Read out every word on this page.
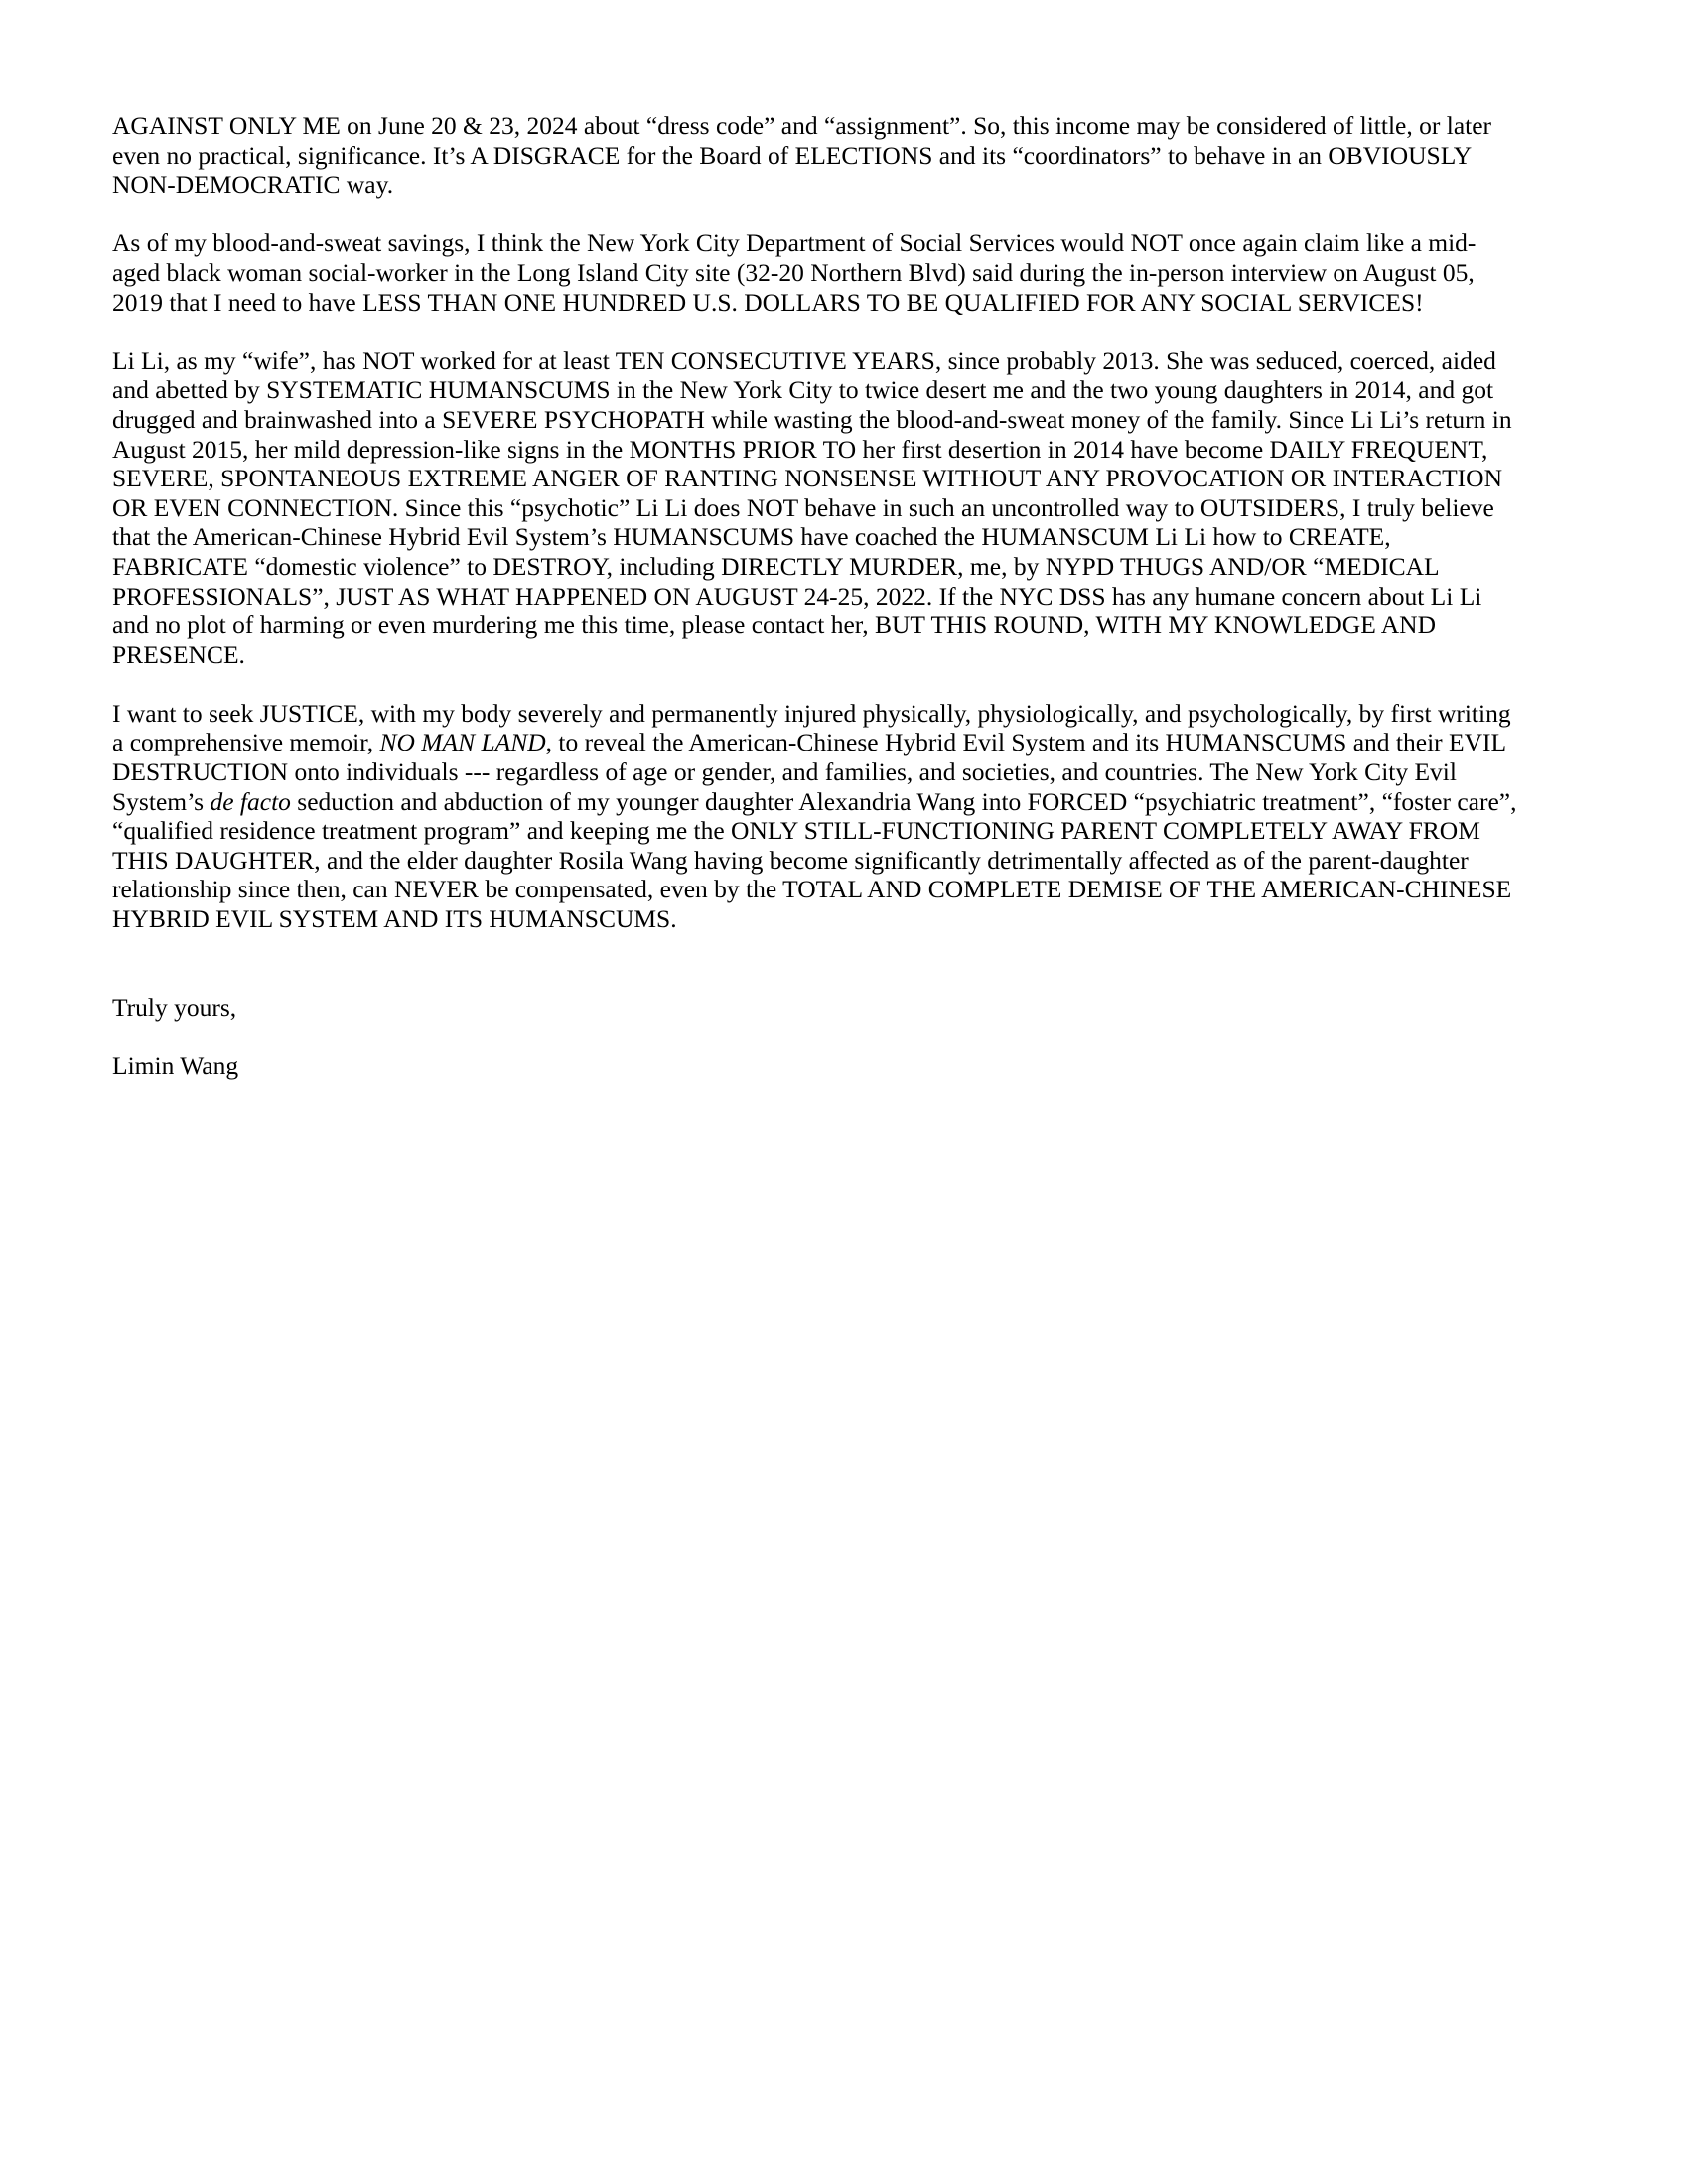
AGAINST ONLY ME on June 20 & 23, 2024 about “dress code” and “assignment”. So, this income may be considered of little, or later even no practical, significance. It’s A DISGRACE for the Board of ELECTIONS and its “coordinators” to behave in an OBVIOUSLY NON-DEMOCRATIC way.

As of my blood-and-sweat savings, I think the New York City Department of Social Services would NOT once again claim like a mid-aged black woman social-worker in the Long Island City site (32-20 Northern Blvd) said during the in-person interview on August 05, 2019 that I need to have LESS THAN ONE HUNDRED U.S. DOLLARS TO BE QUALIFIED FOR ANY SOCIAL SERVICES!

Li Li, as my “wife”, has NOT worked for at least TEN CONSECUTIVE YEARS, since probably 2013. She was seduced, coerced, aided and abetted by SYSTEMATIC HUMANSCUMS in the New York City to twice desert me and the two young daughters in 2014, and got drugged and brainwashed into a SEVERE PSYCHOPATH while wasting the blood-and-sweat money of the family. Since Li Li’s return in August 2015, her mild depression-like signs in the MONTHS PRIOR TO her first desertion in 2014 have become DAILY FREQUENT, SEVERE, SPONTANEOUS EXTREME ANGER OF RANTING NONSENSE WITHOUT ANY PROVOCATION OR INTERACTION OR EVEN CONNECTION. Since this “psychotic” Li Li does NOT behave in such an uncontrolled way to OUTSIDERS, I truly believe that the American-Chinese Hybrid Evil System’s HUMANSCUMS have coached the HUMANSCUM Li Li how to CREATE, FABRICATE “domestic violence” to DESTROY, including DIRECTLY MURDER, me, by NYPD THUGS AND/OR “MEDICAL PROFESSIONALS”, JUST AS WHAT HAPPENED ON AUGUST 24-25, 2022. If the NYC DSS has any humane concern about Li Li and no plot of harming or even murdering me this time, please contact her, BUT THIS ROUND, WITH MY KNOWLEDGE AND PRESENCE.

I want to seek JUSTICE, with my body severely and permanently injured physically, physiologically, and psychologically, by first writing a comprehensive memoir, NO MAN LAND, to reveal the American-Chinese Hybrid Evil System and its HUMANSCUMS and their EVIL DESTRUCTION onto individuals --- regardless of age or gender, and families, and societies, and countries. The New York City Evil System’s de facto seduction and abduction of my younger daughter Alexandria Wang into FORCED “psychiatric treatment”, “foster care”, “qualified residence treatment program” and keeping me the ONLY STILL-FUNCTIONING PARENT COMPLETELY AWAY FROM THIS DAUGHTER, and the elder daughter Rosila Wang having become significantly detrimentally affected as of the parent-daughter relationship since then, can NEVER be compensated, even by the TOTAL AND COMPLETE DEMISE OF THE AMERICAN-CHINESE HYBRID EVIL SYSTEM AND ITS HUMANSCUMS.

Truly yours,

Limin Wang
